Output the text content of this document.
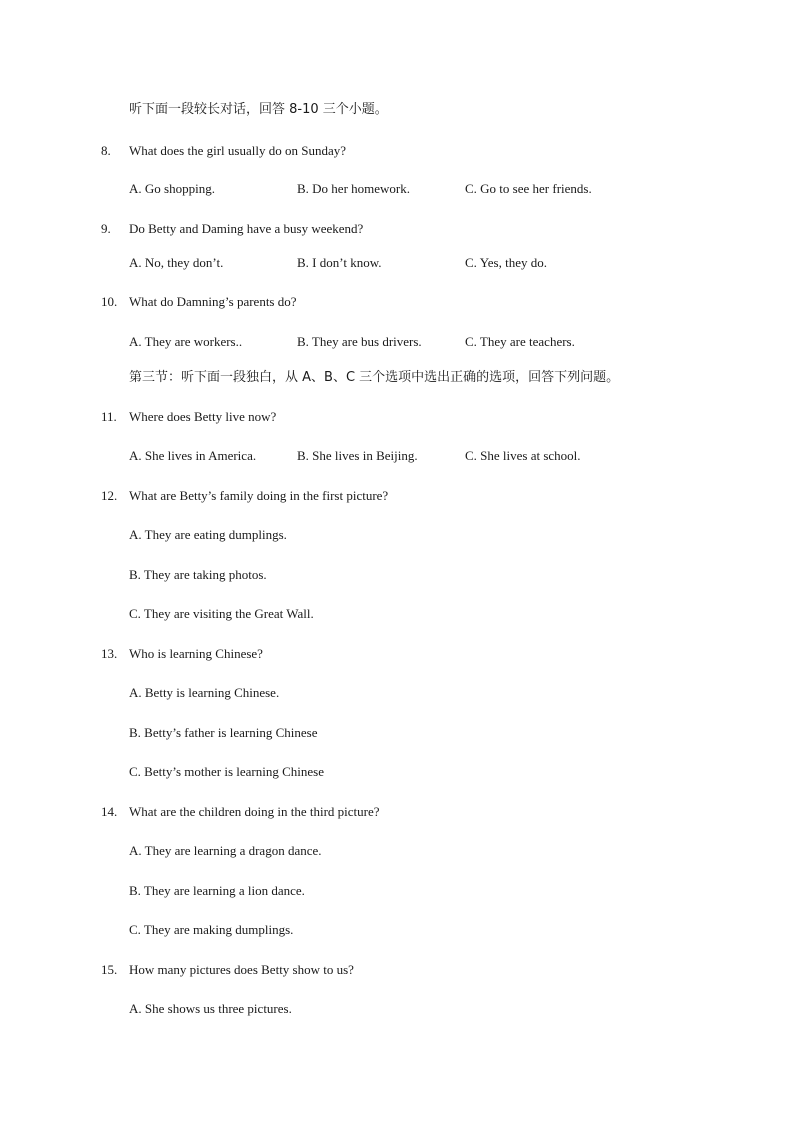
听下面一段较长对话，回答 8-10 三个小题。
8.	What does the girl usually do on Sunday?
A. Go shopping.	B. Do her homework.	C. Go to see her friends.
9.	Do Betty and Daming have a busy weekend?
A. No, they don’t.	B. I don’t know.	C. Yes, they do.
10. What do Damning’s parents do?
A. They are workers..	B. They are bus drivers.	C. They are teachers.
第三节：听下面一段独白，从 A、B、C 三个选项中选出正确的选项，回答下列问题。
11. Where does Betty live now?
A. She lives in America.	B. She lives in Beijing.	C. She lives at school.
12. What are Betty’s family doing in the first picture?
A. They are eating dumplings.
B. They are taking photos.
C. They are visiting the Great Wall.
13. Who is learning Chinese?
A. Betty is learning Chinese.
B. Betty’s father is learning Chinese
C. Betty’s mother is learning Chinese
14. What are the children doing in the third picture?
A. They are learning a dragon dance.
B. They are learning a lion dance.
C. They are making dumplings.
15. How many pictures does Betty show to us?
A. She shows us three pictures.
